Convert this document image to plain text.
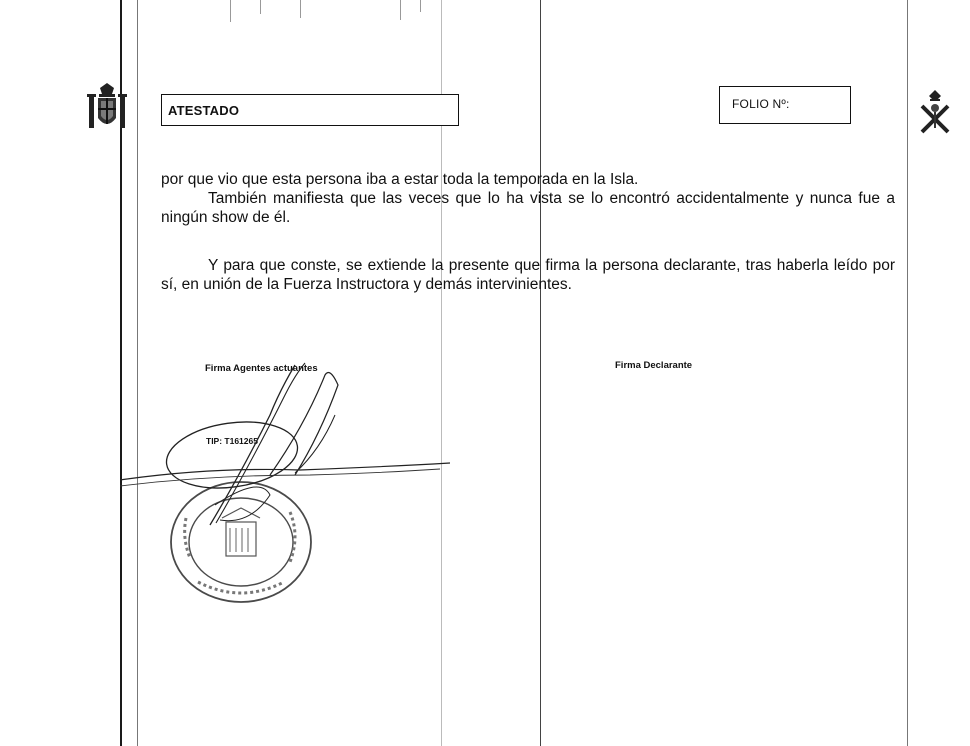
ATESTADO	FOLIO Nº:
por que vio que esta persona iba a estar toda la temporada en la Isla.
También manifiesta que las veces que lo ha vista se lo encontró accidentalmente y nunca fue a ningún show de él.
Y para que conste, se extiende la presente que firma la persona declarante, tras haberla leído por sí, en unión de la Fuerza Instructora y demás intervinientes.
Firma Agentes actuantes	Firma Declarante
TIP: T161265
